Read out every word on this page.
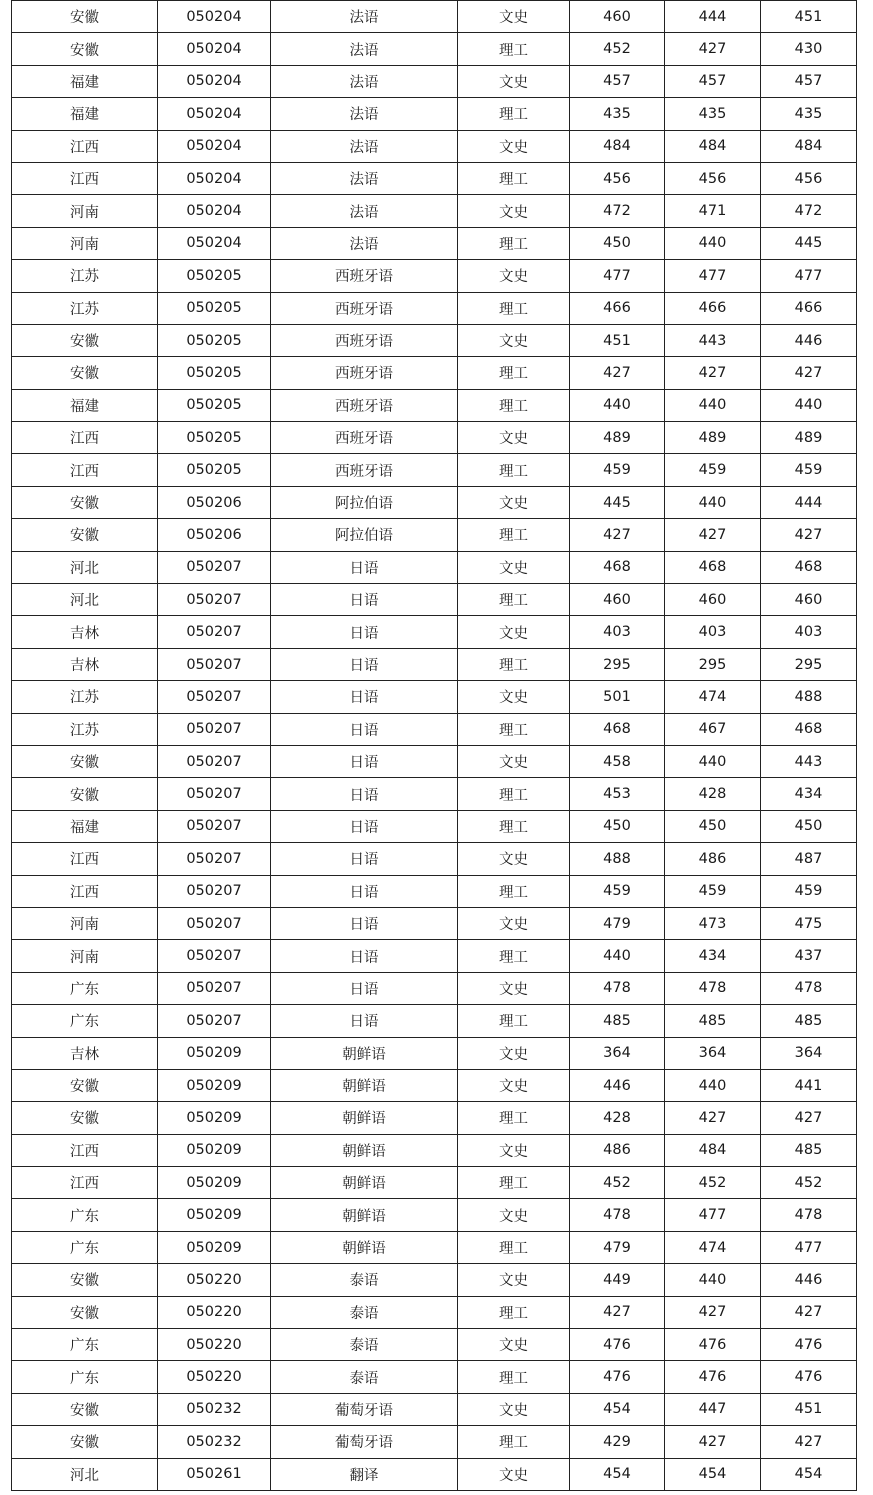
安徽	050204	法语	文史	460	444	451
安徽	050204	法语	理工	452	427	430
福建	050204	法语	文史	457	457	457
福建	050204	法语	理工	435	435	435
江西	050204	法语	文史	484	484	484
江西	050204	法语	理工	456	456	456
河南	050204	法语	文史	472	471	472
河南	050204	法语	理工	450	440	445
江苏	050205	西班牙语	文史	477	477	477
江苏	050205	西班牙语	理工	466	466	466
安徽	050205	西班牙语	文史	451	443	446
安徽	050205	西班牙语	理工	427	427	427
福建	050205	西班牙语	理工	440	440	440
江西	050205	西班牙语	文史	489	489	489
江西	050205	西班牙语	理工	459	459	459
安徽	050206	阿拉伯语	文史	445	440	444
安徽	050206	阿拉伯语	理工	427	427	427
河北	050207	日语	文史	468	468	468
河北	050207	日语	理工	460	460	460
吉林	050207	日语	文史	403	403	403
吉林	050207	日语	理工	295	295	295
江苏	050207	日语	文史	501	474	488
江苏	050207	日语	理工	468	467	468
安徽	050207	日语	文史	458	440	443
安徽	050207	日语	理工	453	428	434
福建	050207	日语	理工	450	450	450
江西	050207	日语	文史	488	486	487
江西	050207	日语	理工	459	459	459
河南	050207	日语	文史	479	473	475
河南	050207	日语	理工	440	434	437
广东	050207	日语	文史	478	478	478
广东	050207	日语	理工	485	485	485
吉林	050209	朝鲜语	文史	364	364	364
安徽	050209	朝鲜语	文史	446	440	441
安徽	050209	朝鲜语	理工	428	427	427
江西	050209	朝鲜语	文史	486	484	485
江西	050209	朝鲜语	理工	452	452	452
广东	050209	朝鲜语	文史	478	477	478
广东	050209	朝鲜语	理工	479	474	477
安徽	050220	泰语	文史	449	440	446
安徽	050220	泰语	理工	427	427	427
广东	050220	泰语	文史	476	476	476
广东	050220	泰语	理工	476	476	476
安徽	050232	葡萄牙语	文史	454	447	451
安徽	050232	葡萄牙语	理工	429	427	427
河北	050261	翻译	文史	454	454	454
